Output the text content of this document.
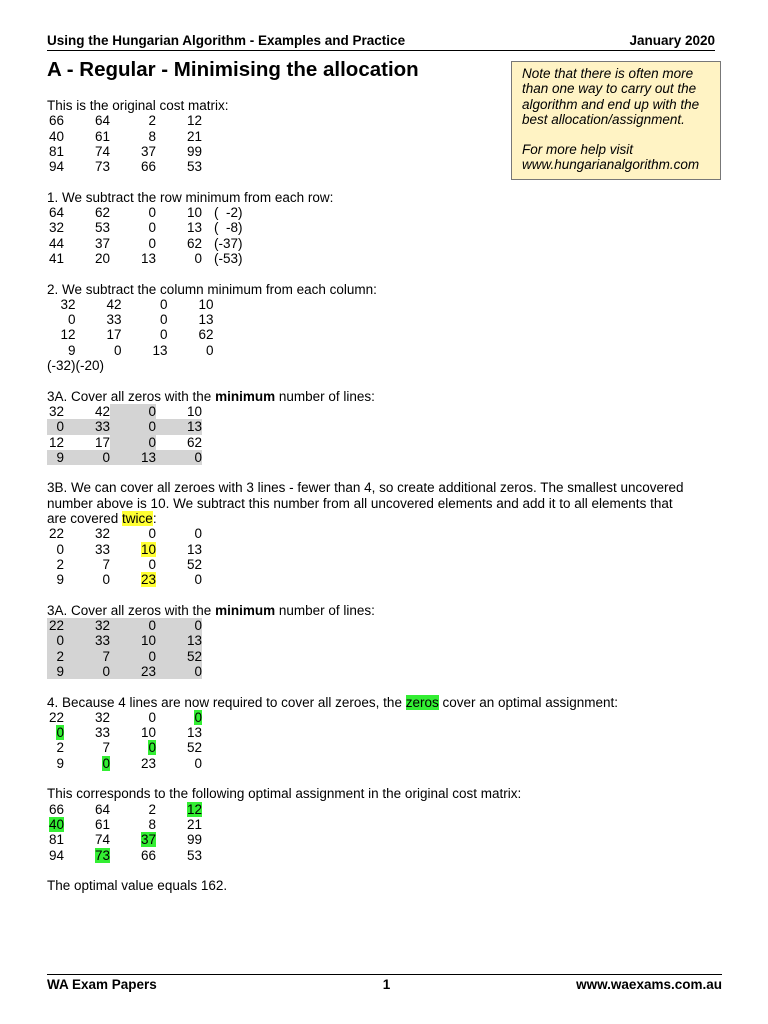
Using the Hungarian Algorithm - Examples and Practice	January 2020
A - Regular - Minimising the allocation	Note that there is often more

than one way to carry out the

algorithm and end up with the

best allocation/assignment.

For more help visit

www.hungarianalgorithm.com

This is the original cost matrix:

66	64	2	12
40	61	8	21
81	74	37	99
94	73	66	53

1. We subtract the row minimum from each row:

64	62	0	10	(  -2)
32	53	0	13	(  -8)
44	37	0	62	(-37)
41	20	13	0	(-53)

2. We subtract the column minimum from each column:

32	42	0	10
0	33	0	13
12	17	0	62
9	0	13	0
(-32)	(-20)		

3A. Cover all zeros with the minimum number of lines:

32	42	0	10
0	33	0	13
12	17	0	62
9	0	13	0

3B. We can cover all zeroes with 3 lines - fewer than 4, so create additional zeros. The smallest uncovered

number above is 10. We subtract this number from all uncovered elements and add it to all elements that

are covered twice:

22	32	0	0
0	33	10	13
2	7	0	52
9	0	23	0

3A. Cover all zeros with the minimum number of lines:

22	32	0	0
0	33	10	13
2	7	0	52
9	0	23	0

4. Because 4 lines are now required to cover all zeroes, the zeros cover an optimal assignment:

22	32	0	0
0	33	10	13
2	7	0	52
9	0	23	0

This corresponds to the following optimal assignment in the original cost matrix:

66	64	2	12
40	61	8	21
81	74	37	99
94	73	66	53

The optimal value equals 162.

WA Exam Papers	1	www.waexams.com.au
